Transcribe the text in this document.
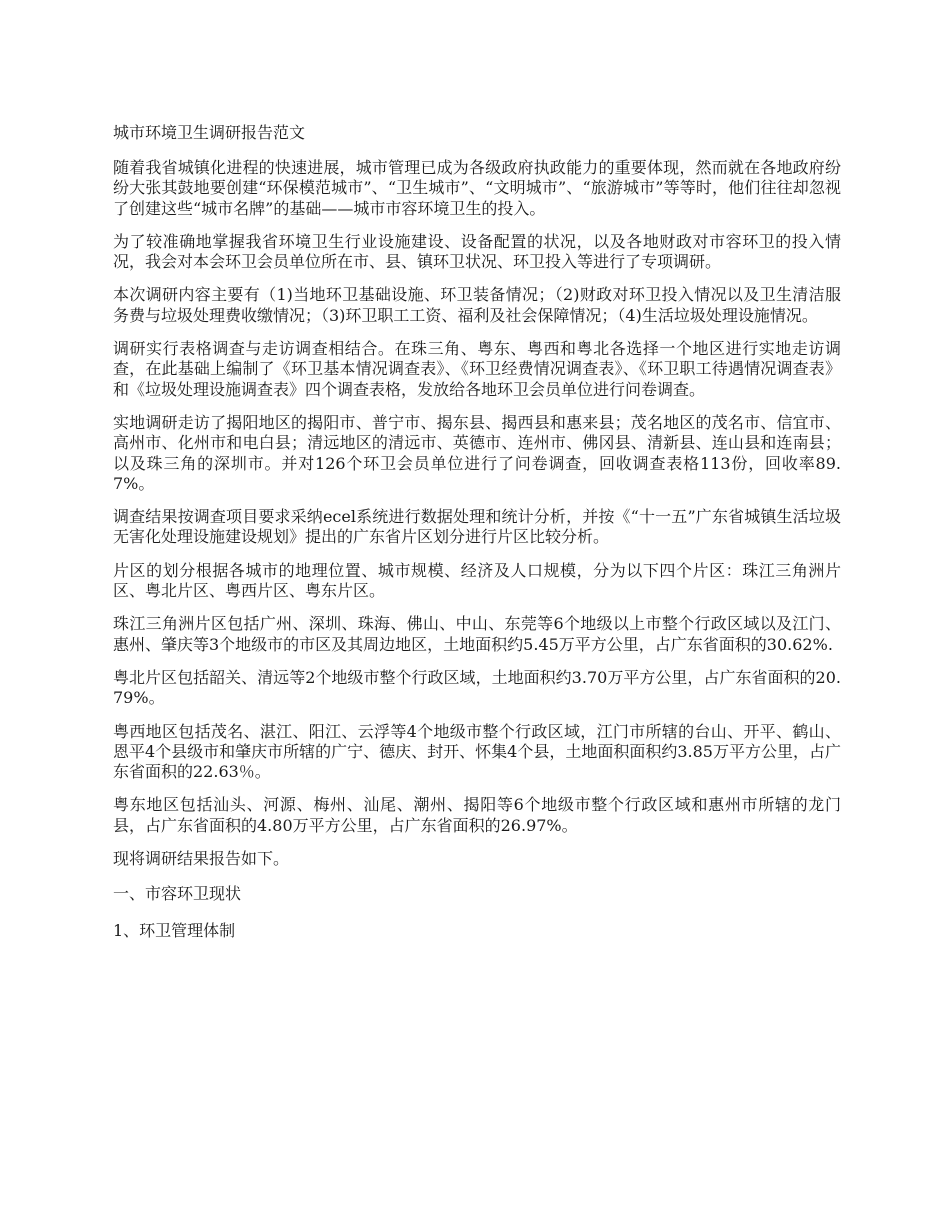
城市环境卫生调研报告范文

随着我省城镇化进程的快速进展，城市管理已成为各级政府执政能力的重要体现，然而就在各地政府纷纷大张其鼓地要创建“环保模范城市”、“卫生城市”、“文明城市”、“旅游城市”等等时，他们往往却忽视了创建这些“城市名牌”的基础——城市市容环境卫生的投入。

为了较准确地掌握我省环境卫生行业设施建设、设备配置的状况，以及各地财政对市容环卫的投入情况，我会对本会环卫会员单位所在市、县、镇环卫状况、环卫投入等进行了专项调研。

本次调研内容主要有（1)当地环卫基础设施、环卫装备情况；（2)财政对环卫投入情况以及卫生清洁服务费与垃圾处理费收缴情况；（3)环卫职工工资、福利及社会保障情况；（4)生活垃圾处理设施情况。

调研实行表格调查与走访调查相结合。在珠三角、粤东、粤西和粤北各选择一个地区进行实地走访调查，在此基础上编制了《环卫基本情况调查表》、《环卫经费情况调查表》、《环卫职工待遇情况调查表》和《垃圾处理设施调查表》四个调查表格，发放给各地环卫会员单位进行问卷调查。

实地调研走访了揭阳地区的揭阳市、普宁市、揭东县、揭西县和惠来县；茂名地区的茂名市、信宜市、高州市、化州市和电白县；清远地区的清远市、英德市、连州市、佛冈县、清新县、连山县和连南县；以及珠三角的深圳市。并对126个环卫会员单位进行了问卷调查，回收调查表格113份，回收率89.7%。

调查结果按调查项目要求采纳ecel系统进行数据处理和统计分析，并按《“十一五”广东省城镇生活垃圾无害化处理设施建设规划》提出的广东省片区划分进行片区比较分析。

片区的划分根据各城市的地理位置、城市规模、经济及人口规模，分为以下四个片区：珠江三角洲片区、粤北片区、粤西片区、粤东片区。

珠江三角洲片区包括广州、深圳、珠海、佛山、中山、东莞等6个地级以上市整个行政区域以及江门、惠州、肇庆等3个地级市的市区及其周边地区，土地面积约5.45万平方公里，占广东省面积的30.62%.

粤北片区包括韶关、清远等2个地级市整个行政区域，土地面积约3.70万平方公里，占广东省面积的20.79%。

粤西地区包括茂名、湛江、阳江、云浮等4个地级市整个行政区域，江门市所辖的台山、开平、鹤山、恩平4个县级市和肇庆市所辖的广宁、德庆、封开、怀集4个县，土地面积面积约3.85万平方公里，占广东省面积的22.63％。

粤东地区包括汕头、河源、梅州、汕尾、潮州、揭阳等6个地级市整个行政区域和惠州市所辖的龙门县，占广东省面积的4.80万平方公里，占广东省面积的26.97%。

现将调研结果报告如下。

一、市容环卫现状
1、环卫管理体制
